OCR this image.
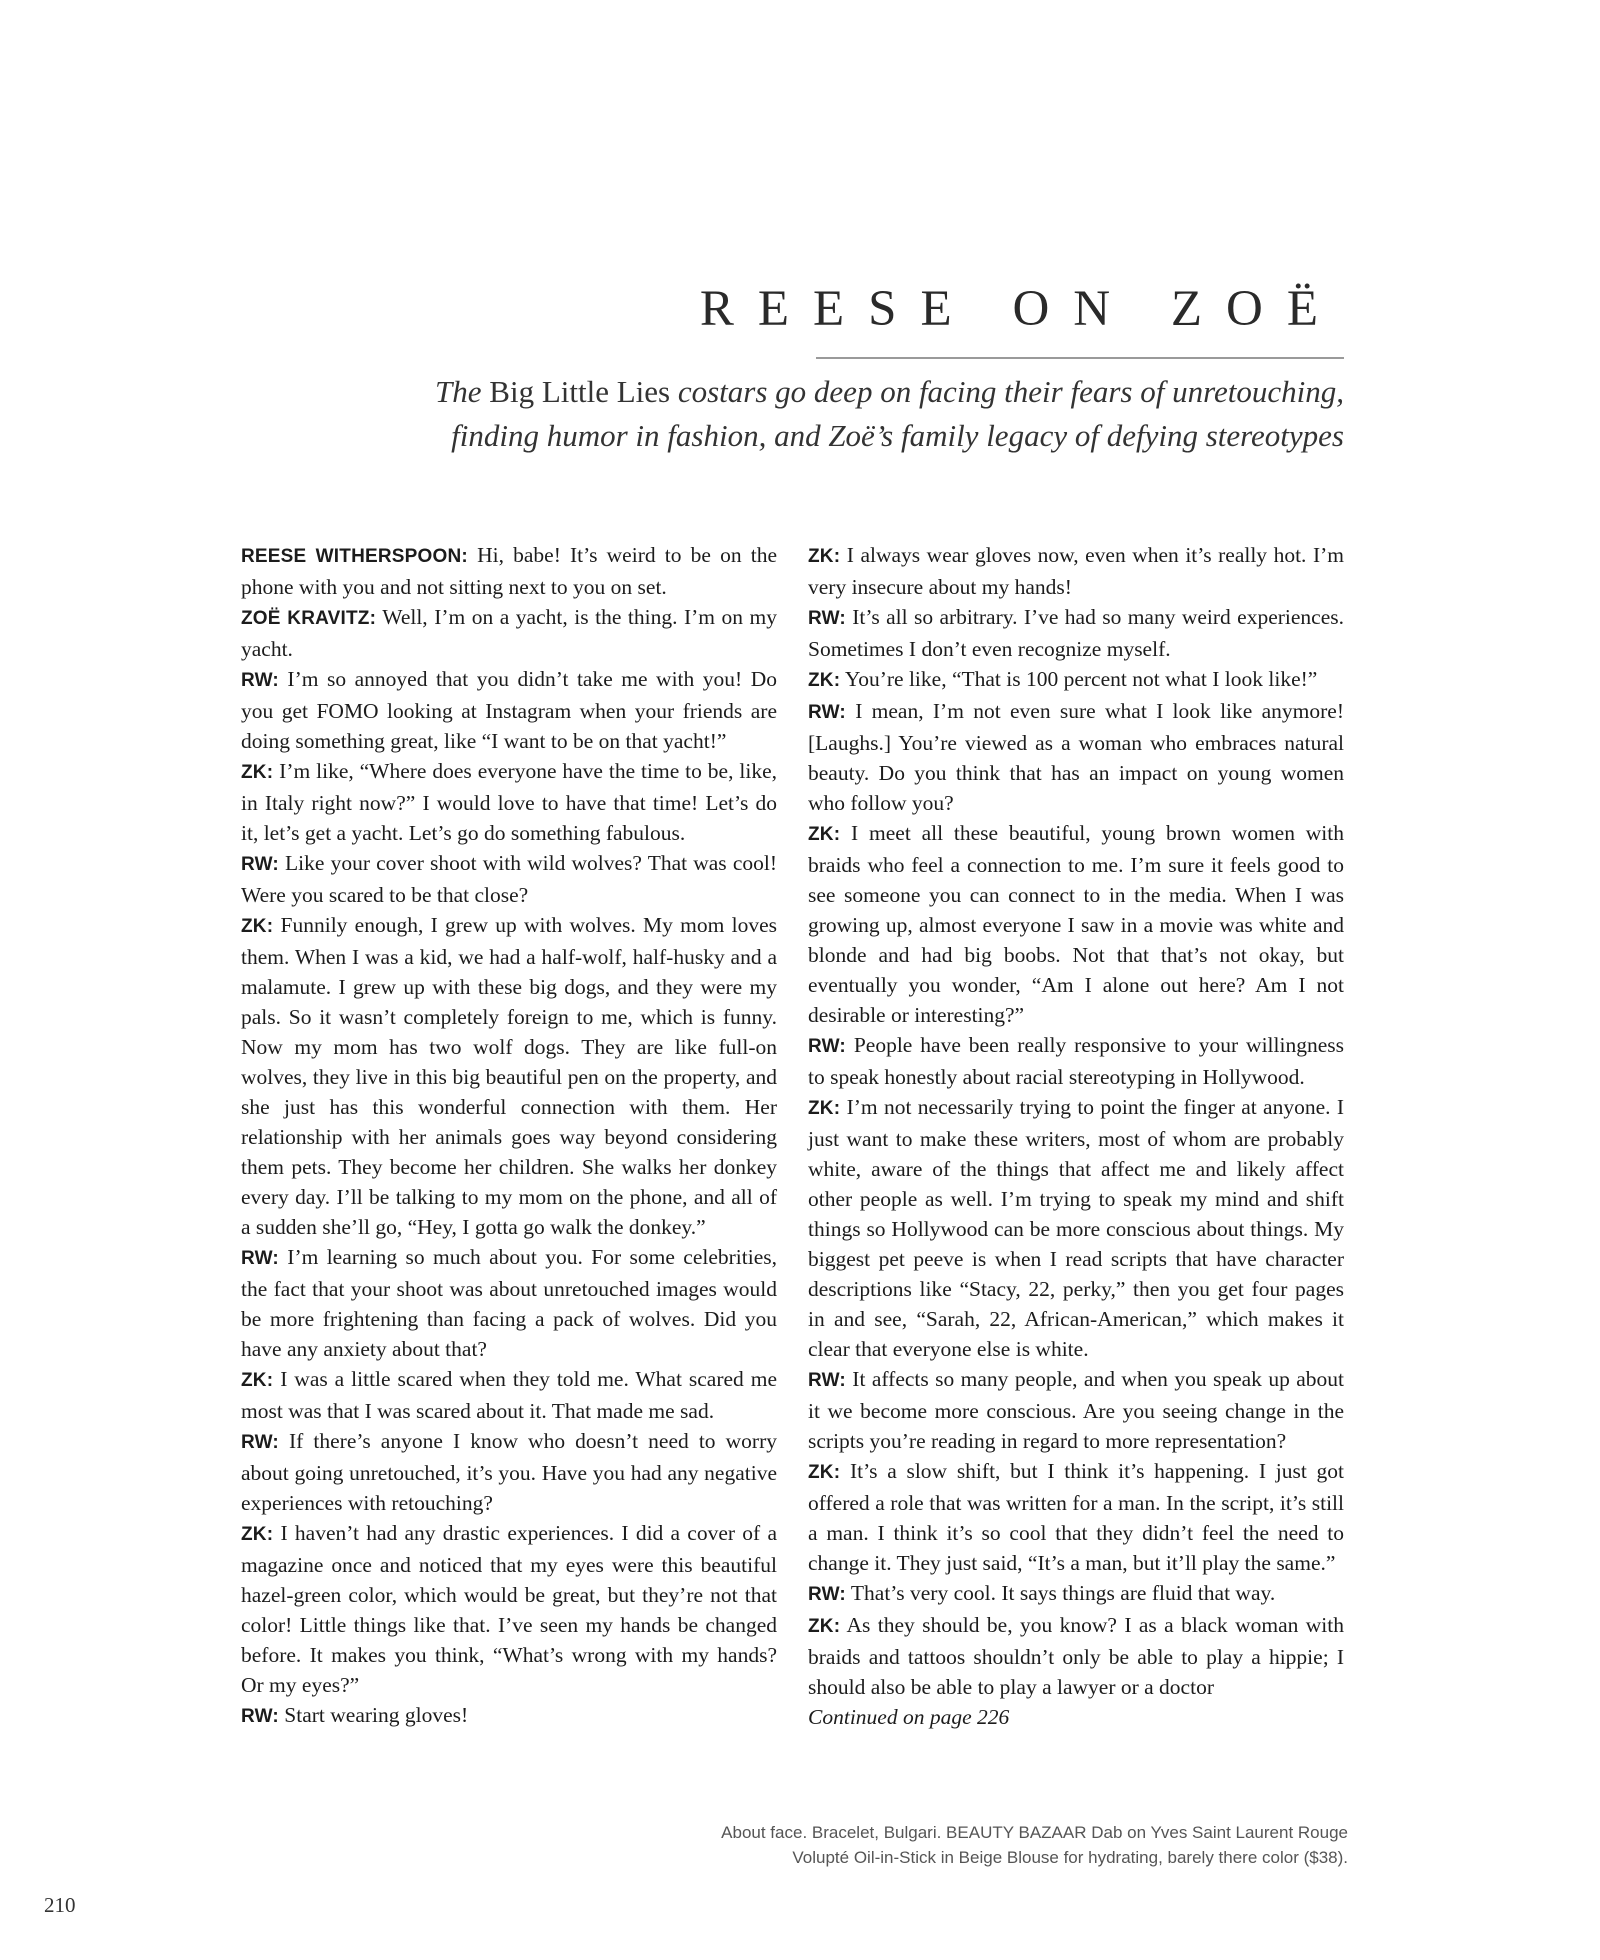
REESE ON ZOË
The Big Little Lies costars go deep on facing their fears of unretouching, finding humor in fashion, and Zoë’s family legacy of defying stereotypes

REESE WITHERSPOON: Hi, babe! It’s weird to be on the phone with you and not sitting next to you on set.

ZOË KRAVITZ: Well, I’m on a yacht, is the thing. I’m on my yacht.

RW: I’m so annoyed that you didn’t take me with you! Do you get FOMO looking at Instagram when your friends are doing something great, like “I want to be on that yacht!”

ZK: I’m like, “Where does everyone have the time to be, like, in Italy right now?” I would love to have that time! Let’s do it, let’s get a yacht. Let’s go do something fabulous.

RW: Like your cover shoot with wild wolves? That was cool! Were you scared to be that close?

ZK: Funnily enough, I grew up with wolves. My mom loves them. When I was a kid, we had a half-wolf, half-husky and a malamute. I grew up with these big dogs, and they were my pals. So it wasn’t completely foreign to me, which is funny. Now my mom has two wolf dogs. They are like full-on wolves, they live in this big beautiful pen on the property, and she just has this wonderful connection with them. Her relationship with her animals goes way beyond considering them pets. They become her children. She walks her donkey every day. I’ll be talking to my mom on the phone, and all of a sudden she’ll go, “Hey, I gotta go walk the donkey.”

RW: I’m learning so much about you. For some celebrities, the fact that your shoot was about unretouched images would be more frightening than facing a pack of wolves. Did you have any anxiety about that?

ZK: I was a little scared when they told me. What scared me most was that I was scared about it. That made me sad.

RW: If there’s anyone I know who doesn’t need to worry about going unretouched, it’s you. Have you had any negative experiences with retouching?

ZK: I haven’t had any drastic experiences. I did a cover of a magazine once and noticed that my eyes were this beautiful hazel-green color, which would be great, but they’re not that color! Little things like that. I’ve seen my hands be changed before. It makes you think, “What’s wrong with my hands? Or my eyes?”

RW: Start wearing gloves!

ZK: I always wear gloves now, even when it’s really hot. I’m very insecure about my hands!

RW: It’s all so arbitrary. I’ve had so many weird experiences. Sometimes I don’t even recognize myself.

ZK: You’re like, “That is 100 percent not what I look like!”

RW: I mean, I’m not even sure what I look like anymore! [Laughs.] You’re viewed as a woman who embraces natural beauty. Do you think that has an impact on young women who follow you?

ZK: I meet all these beautiful, young brown women with braids who feel a connection to me. I’m sure it feels good to see someone you can connect to in the media. When I was growing up, almost everyone I saw in a movie was white and blonde and had big boobs. Not that that’s not okay, but eventually you wonder, “Am I alone out here? Am I not desirable or interesting?”

RW: People have been really responsive to your willingness to speak honestly about racial stereotyping in Hollywood.

ZK: I’m not necessarily trying to point the finger at anyone. I just want to make these writers, most of whom are probably white, aware of the things that affect me and likely affect other people as well. I’m trying to speak my mind and shift things so Hollywood can be more conscious about things. My biggest pet peeve is when I read scripts that have character descriptions like “Stacy, 22, perky,” then you get four pages in and see, “Sarah, 22, African-American,” which makes it clear that everyone else is white.

RW: It affects so many people, and when you speak up about it we become more conscious. Are you seeing change in the scripts you’re reading in regard to more representation?

ZK: It’s a slow shift, but I think it’s happening. I just got offered a role that was written for a man. In the script, it’s still a man. I think it’s so cool that they didn’t feel the need to change it. They just said, “It’s a man, but it’ll play the same.”

RW: That’s very cool. It says things are fluid that way.

ZK: As they should be, you know? I as a black woman with braids and tattoos shouldn’t only be able to play a hippie; I should also be able to play a lawyer or a doctor

Continued on page 226

About face. Bracelet, Bulgari. BEAUTY BAZAAR Dab on Yves Saint Laurent Rouge
Volupté Oil-in-Stick in Beige Blouse for hydrating, barely there color ($38).
210
